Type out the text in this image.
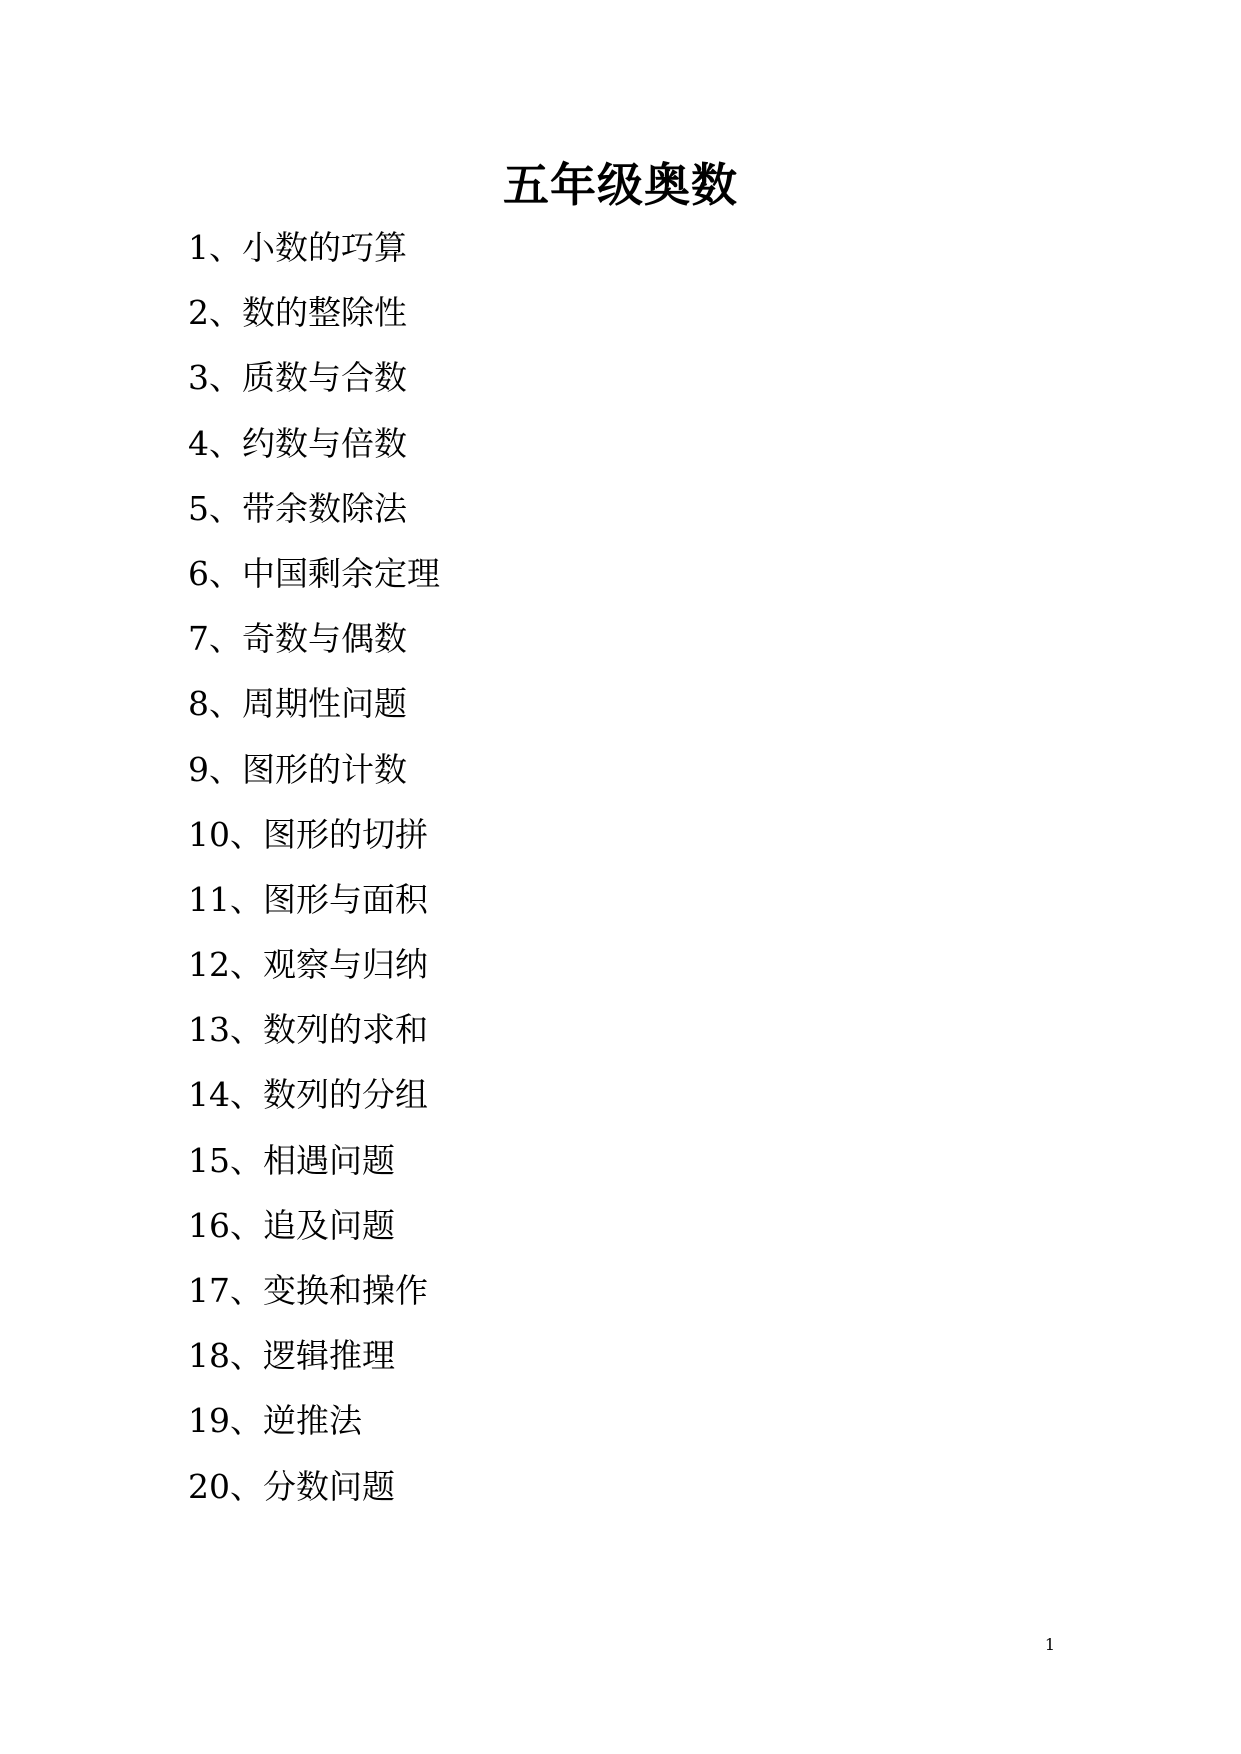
五年级奥数
1、小数的巧算
2、数的整除性
3、质数与合数
4、约数与倍数
5、带余数除法
6、中国剩余定理
7、奇数与偶数
8、周期性问题
9、图形的计数
10、图形的切拼
11、图形与面积
12、观察与归纳
13、数列的求和
14、数列的分组
15、相遇问题
16、追及问题
17、变换和操作
18、逻辑推理
19、逆推法
20、分数问题
1
